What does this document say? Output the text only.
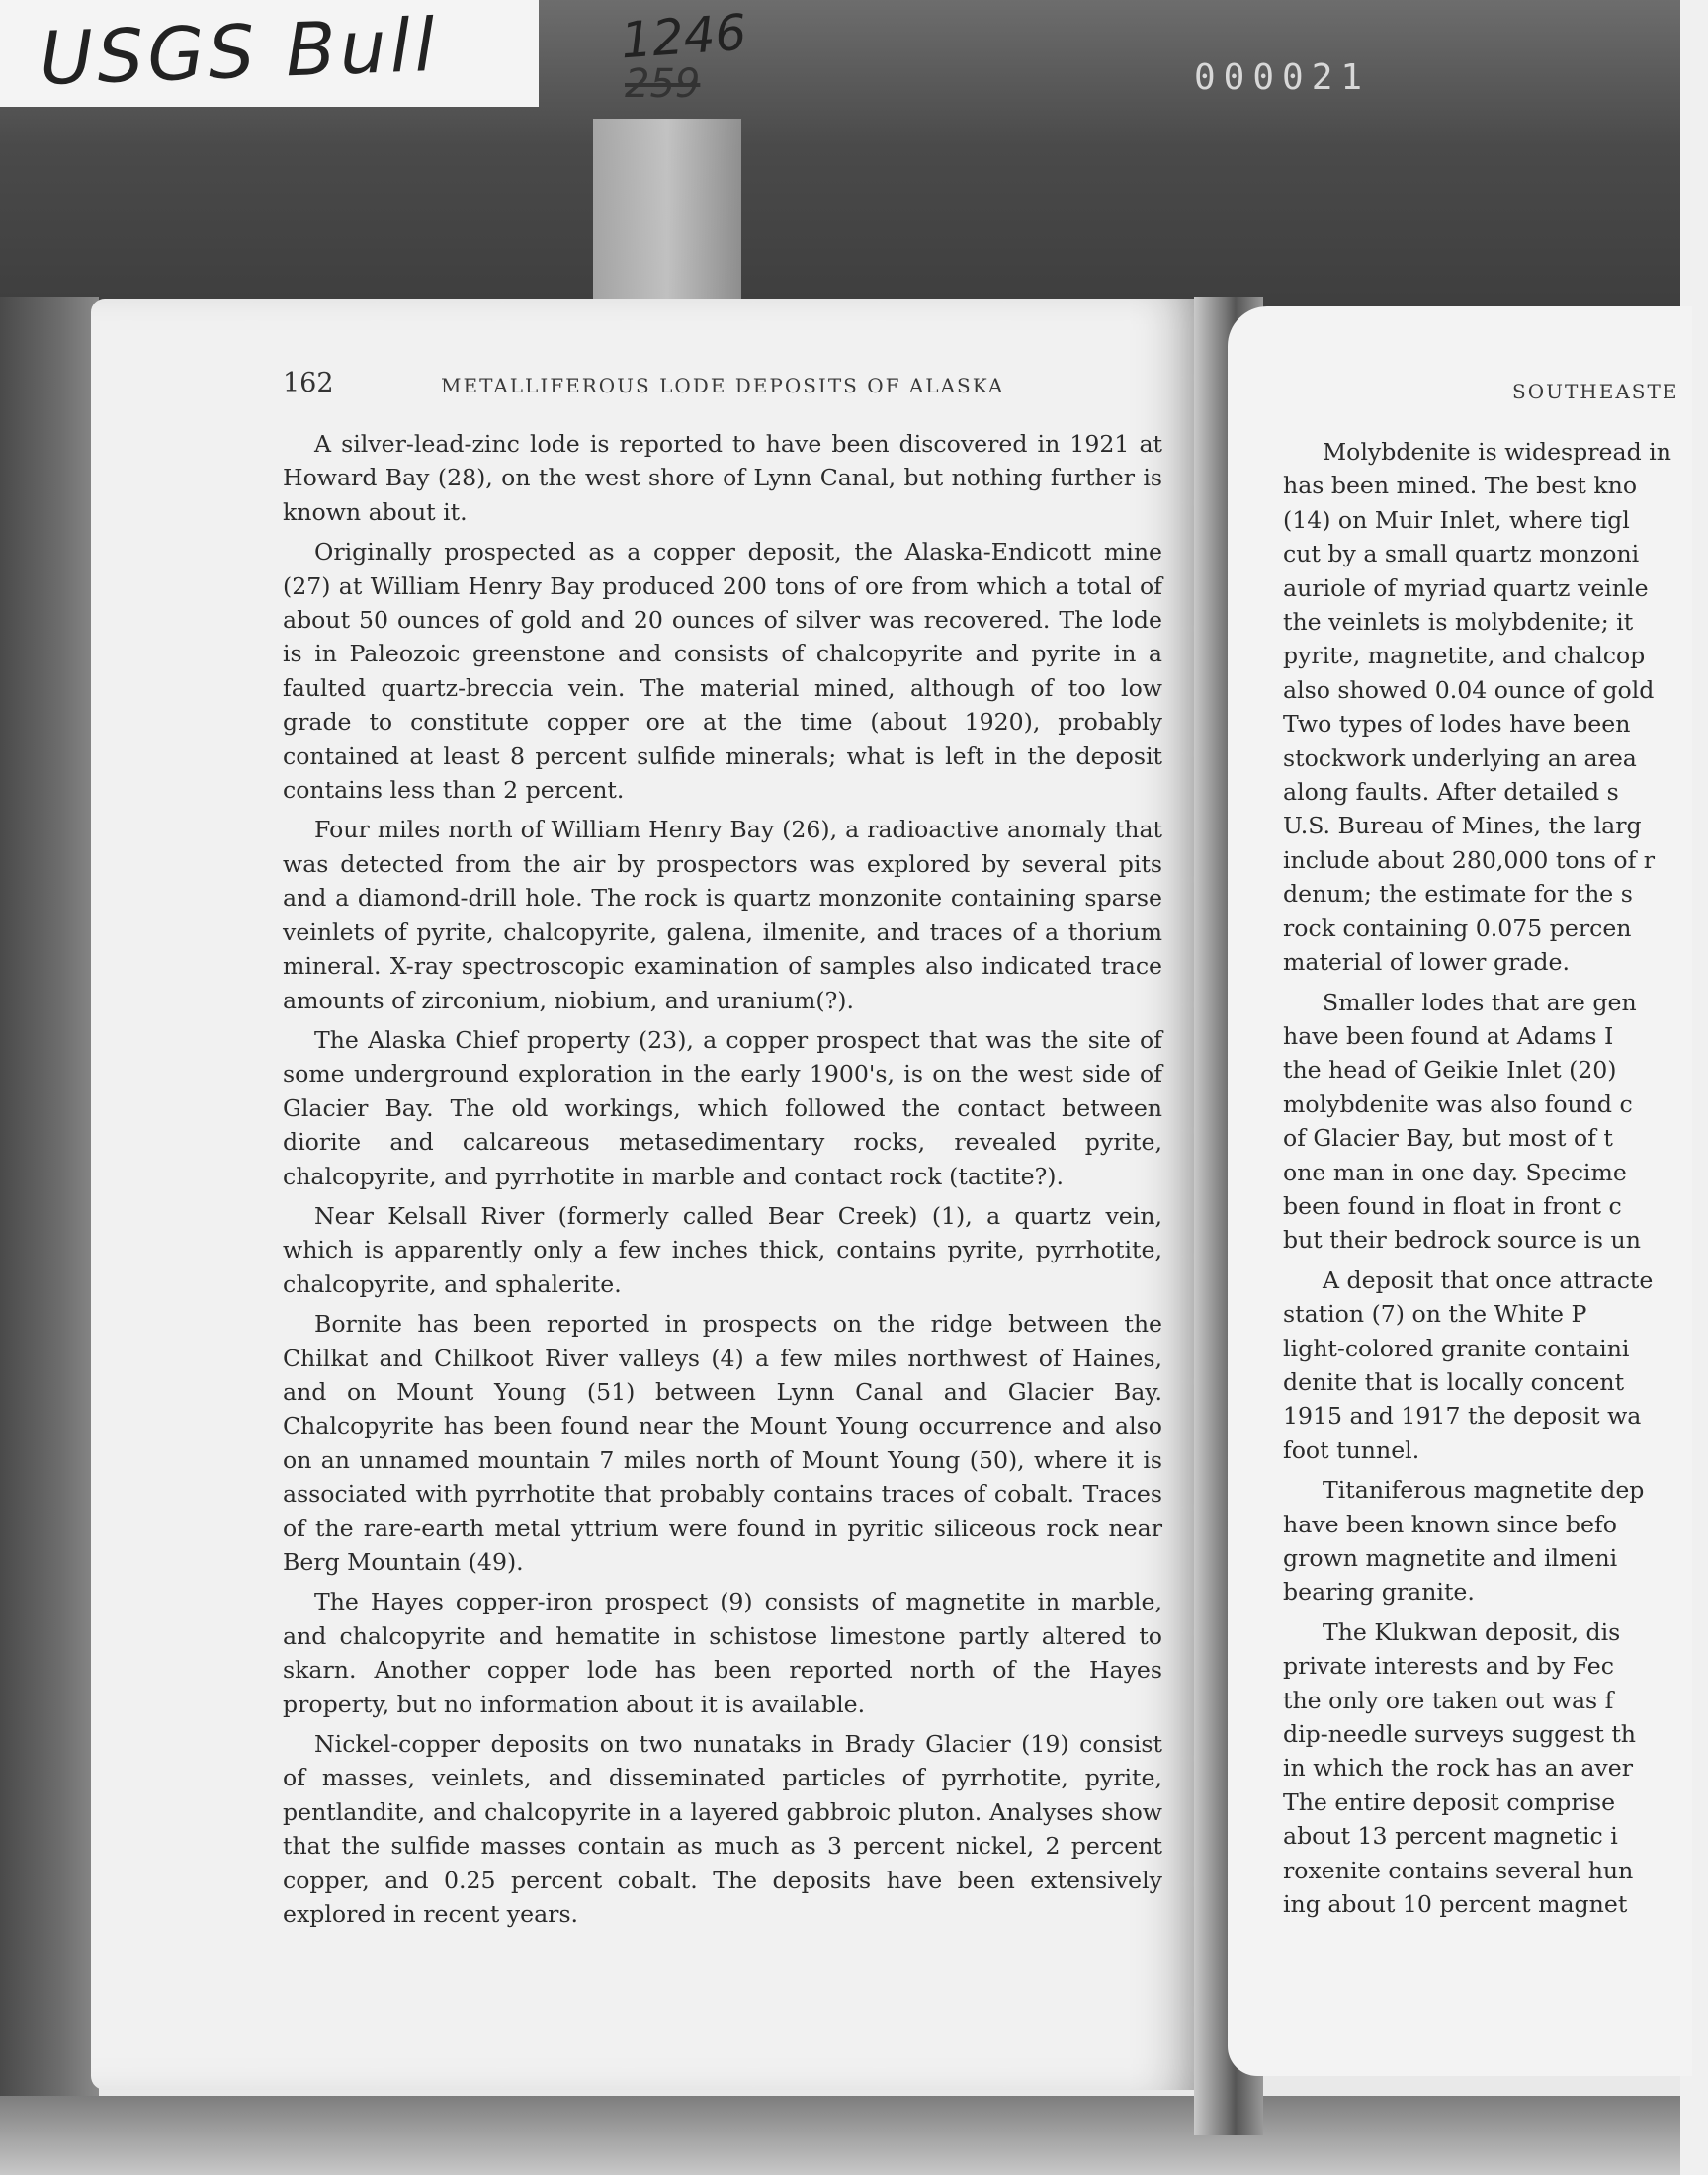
USGS Bull	1246
259	000021
162	METALLIFEROUS LODE DEPOSITS OF ALASKA

A silver-lead-zinc lode is reported to have been discovered in 1921 at Howard Bay (28), on the west shore of Lynn Canal, but nothing further is known about it.

Originally prospected as a copper deposit, the Alaska-Endicott mine (27) at William Henry Bay produced 200 tons of ore from which a total of about 50 ounces of gold and 20 ounces of silver was recovered. The lode is in Paleozoic greenstone and consists of chalcopyrite and pyrite in a faulted quartz-breccia vein. The material mined, although of too low grade to constitute copper ore at the time (about 1920), probably contained at least 8 percent sulfide minerals; what is left in the deposit contains less than 2 percent.

Four miles north of William Henry Bay (26), a radioactive anomaly that was detected from the air by prospectors was explored by several pits and a diamond-drill hole. The rock is quartz monzonite containing sparse veinlets of pyrite, chalcopyrite, galena, ilmenite, and traces of a thorium mineral. X-ray spectroscopic examination of samples also indicated trace amounts of zirconium, niobium, and uranium(?).

The Alaska Chief property (23), a copper prospect that was the site of some underground exploration in the early 1900's, is on the west side of Glacier Bay. The old workings, which followed the contact between diorite and calcareous metasedimentary rocks, revealed pyrite, chalcopyrite, and pyrrhotite in marble and contact rock (tactite?).

Near Kelsall River (formerly called Bear Creek) (1), a quartz vein, which is apparently only a few inches thick, contains pyrite, pyrrhotite, chalcopyrite, and sphalerite.

Bornite has been reported in prospects on the ridge between the Chilkat and Chilkoot River valleys (4) a few miles northwest of Haines, and on Mount Young (51) between Lynn Canal and Glacier Bay. Chalcopyrite has been found near the Mount Young occurrence and also on an unnamed mountain 7 miles north of Mount Young (50), where it is associated with pyrrhotite that probably contains traces of cobalt. Traces of the rare-earth metal yttrium were found in pyritic siliceous rock near Berg Mountain (49).

The Hayes copper-iron prospect (9) consists of magnetite in marble, and chalcopyrite and hematite in schistose limestone partly altered to skarn. Another copper lode has been reported north of the Hayes property, but no information about it is available.

Nickel-copper deposits on two nunataks in Brady Glacier (19) consist of masses, veinlets, and disseminated particles of pyrrhotite, pyrite, pentlandite, and chalcopyrite in a layered gabbroic pluton. Analyses show that the sulfide masses contain as much as 3 percent nickel, 2 percent copper, and 0.25 percent cobalt. The deposits have been extensively explored in recent years.

SOUTHEASTE
Molybdenite is widespread in
has been mined. The best kno
(14) on Muir Inlet, where tigl
cut by a small quartz monzoni
auriole of myriad quartz veinle
the veinlets is molybdenite; it
pyrite, magnetite, and chalcop
also showed 0.04 ounce of gold
Two types of lodes have been
stockwork underlying an area
along faults. After detailed s
U.S. Bureau of Mines, the larg
include about 280,000 tons of r
denum; the estimate for the s
rock containing 0.075 percen
material of lower grade.
Smaller lodes that are gen
have been found at Adams I
the head of Geikie Inlet (20)
molybdenite was also found c
of Glacier Bay, but most of t
one man in one day. Specime
been found in float in front c
but their bedrock source is un
A deposit that once attracte
station (7) on the White P
light-colored granite containi
denite that is locally concent
1915 and 1917 the deposit wa
foot tunnel.
Titaniferous magnetite dep
have been known since befo
grown magnetite and ilmeni
bearing granite.
The Klukwan deposit, dis
private interests and by Fec
the only ore taken out was f
dip-needle surveys suggest th
in which the rock has an aver
The entire deposit comprise
about 13 percent magnetic i
roxenite contains several hun
ing about 10 percent magnet
